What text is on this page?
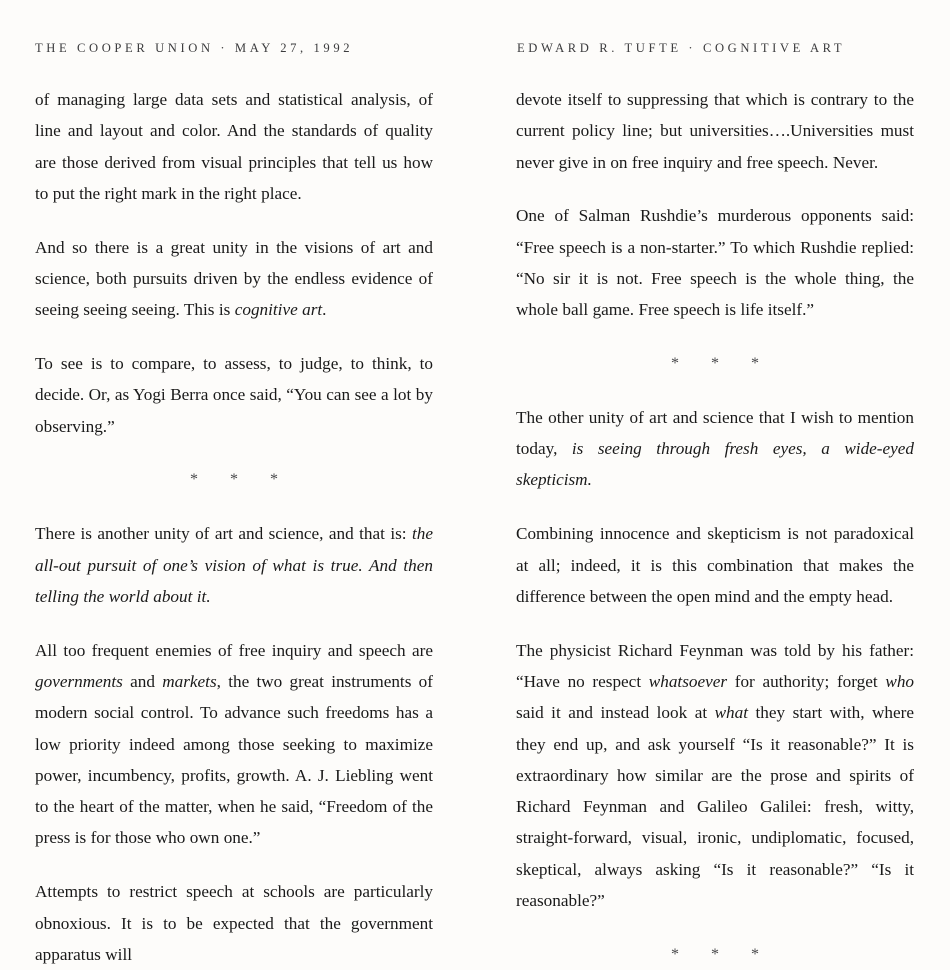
THE COOPER UNION · MAY 27, 1992	EDWARD R. TUFTE · COGNITIVE ART

of managing large data sets and statistical analysis, of line and layout and color. And the standards of quality are those derived from visual principles that tell us how to put the right mark in the right place.

And so there is a great unity in the visions of art and science, both pursuits driven by the endless evidence of seeing seeing seeing. This is cognitive art.

To see is to compare, to assess, to judge, to think, to decide. Or, as Yogi Berra once said, “You can see a lot by observing.”

* * *

There is another unity of art and science, and that is: the all-out pursuit of one’s vision of what is true. And then telling the world about it.

All too frequent enemies of free inquiry and speech are governments and markets, the two great instruments of modern social control. To advance such freedoms has a low priority indeed among those seeking to maximize power, incumbency, profits, growth. A. J. Liebling went to the heart of the matter, when he said, “Freedom of the press is for those who own one.”

Attempts to restrict speech at schools are particularly obnoxious. It is to be expected that the government apparatus will

devote itself to suppressing that which is contrary to the current policy line; but universities….Universities must never give in on free inquiry and free speech. Never.

One of Salman Rushdie’s murderous opponents said: “Free speech is a non-starter.” To which Rushdie replied: “No sir it is not. Free speech is the whole thing, the whole ball game. Free speech is life itself.”

* * *

The other unity of art and science that I wish to mention today, is seeing through fresh eyes, a wide-eyed skepticism.

Combining innocence and skepticism is not paradoxical at all; indeed, it is this combination that makes the difference between the open mind and the empty head.

The physicist Richard Feynman was told by his father: “Have no respect whatsoever for authority; forget who said it and instead look at what they start with, where they end up, and ask yourself “Is it reasonable?” It is extraordinary how similar are the prose and spirits of Richard Feynman and Galileo Galilei: fresh, witty, straight-forward, visual, ironic, undiplomatic, focused, skeptical, always asking “Is it reasonable?” “Is it reasonable?”

* * *
